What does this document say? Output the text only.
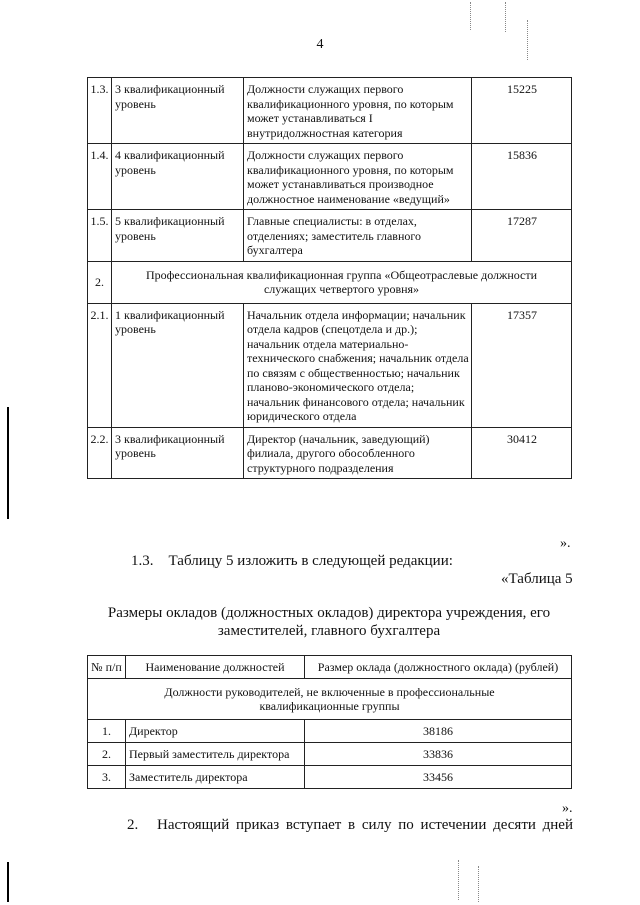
4
1.3.	3 квалификационный уровень	Должности служащих первого квалификационного уровня, по которым может устанавливаться I внутридолжностная категория	15225
1.4.	4 квалификационный уровень	Должности служащих первого квалификационного уровня, по которым может устанавливаться производное должностное наименование «ведущий»	15836
1.5.	5 квалификационный уровень	Главные специалисты: в отделах, отделениях; заместитель главного бухгалтера	17287
2.	Профессиональная квалификационная группа «Общеотраслевые должности служащих четвертого уровня»		
2.1.	1 квалификационный уровень	Начальник отдела информации; начальник отдела кадров (спецотдела и др.); начальник отдела материально-технического снабжения; начальник отдела по связям с общественностью; начальник планово-экономического отдела; начальник финансового отдела; начальник юридического отдела	17357
2.2.	3 квалификационный уровень	Директор (начальник, заведующий) филиала, другого обособленного структурного подразделения	30412
».
1.3.    Таблицу 5 изложить в следующей редакции:
«Таблица 5
Размеры окладов (должностных окладов) директора учреждения, его заместителей, главного бухгалтера
№ п/п	Наименование должностей	Размер оклада (должностного оклада) (рублей)
Должности руководителей, не включенные в профессиональные квалификационные группы		
1.	Директор	38186
2.	Первый заместитель директора	33836
3.	Заместитель директора	33456
».
2. Настоящий приказ вступает в силу по истечении десяти дней
